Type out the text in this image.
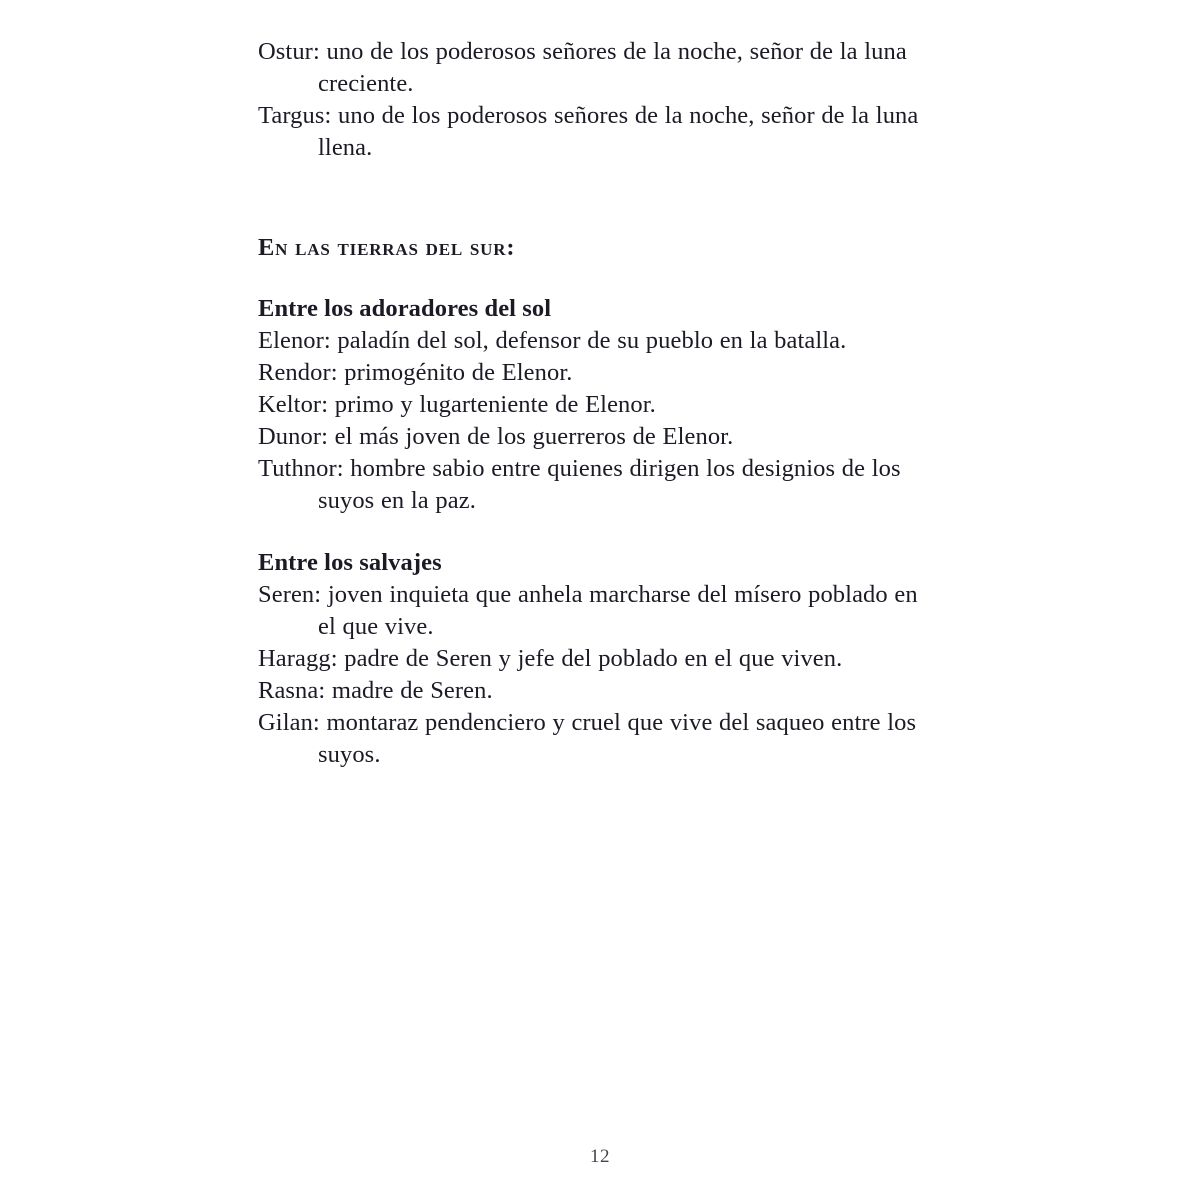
Ostur: uno de los poderosos señores de la noche, señor de la luna creciente.

Targus: uno de los poderosos señores de la noche, señor de la luna llena.

En las tierras del sur:

Entre los adoradores del sol

Elenor: paladín del sol, defensor de su pueblo en la batalla.

Rendor: primogénito de Elenor.

Keltor: primo y lugarteniente de Elenor.

Dunor: el más joven de los guerreros de Elenor.

Tuthnor: hombre sabio entre quienes dirigen los designios de los suyos en la paz.

Entre los salvajes

Seren: joven inquieta que anhela marcharse del mísero poblado en el que vive.

Haragg: padre de Seren y jefe del poblado en el que viven.

Rasna: madre de Seren.

Gilan: montaraz pendenciero y cruel que vive del saqueo entre los suyos.

12
